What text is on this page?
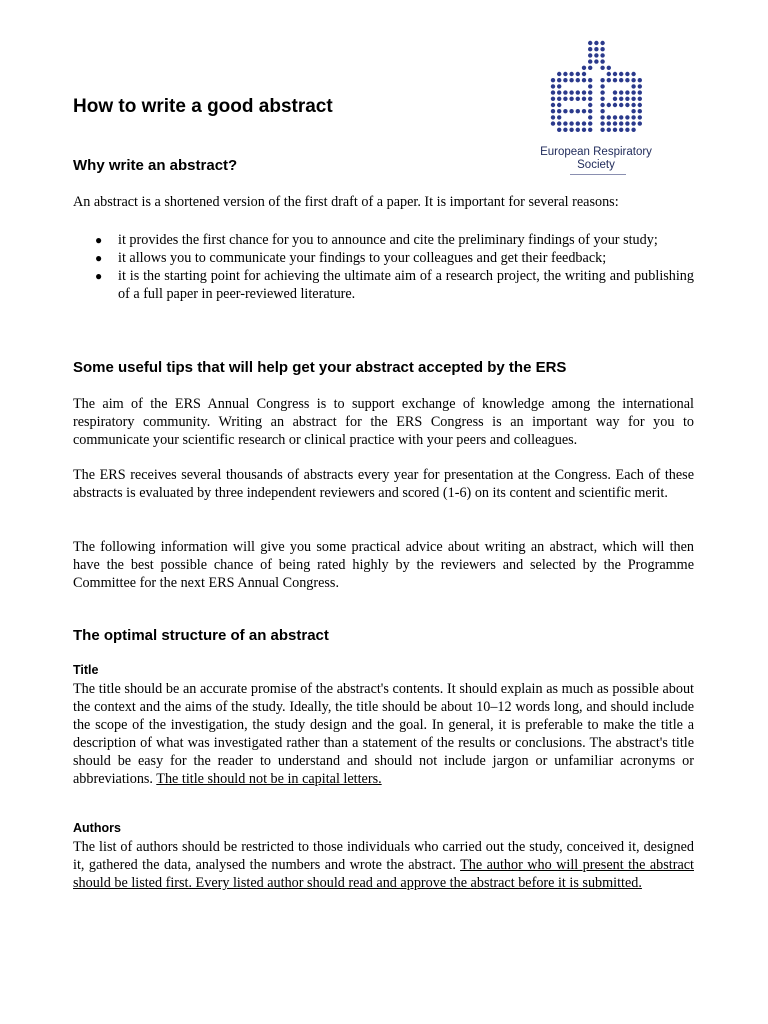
European Respiratory
Society
How to write a good abstract
Why write an abstract?

An abstract is a shortened version of the first draft of a paper. It is important for several reasons:

● it provides the first chance for you to announce and cite the preliminary findings of your study;
● it allows you to communicate your findings to your colleagues and get their feedback;
● it is the starting point for achieving the ultimate aim of a research project, the writing and publishing of a full paper in peer-reviewed literature.
Some useful tips that will help get your abstract accepted by the ERS

The aim of the ERS Annual Congress is to support exchange of knowledge among the international respiratory community. Writing an abstract for the ERS Congress is an important way for you to communicate your scientific research or clinical practice with your peers and colleagues.

The ERS receives several thousands of abstracts every year for presentation at the Congress. Each of these abstracts is evaluated by three independent reviewers and scored (1-6) on its content and scientific merit.

The following information will give you some practical advice about writing an abstract, which will then have the best possible chance of being rated highly by the reviewers and selected by the Programme Committee for the next ERS Annual Congress.

The optimal structure of an abstract
Title

The title should be an accurate promise of the abstract's contents. It should explain as much as possible about the context and the aims of the study. Ideally, the title should be about 10–12 words long, and should include the scope of the investigation, the study design and the goal. In general, it is preferable to make the title a description of what was investigated rather than a statement of the results or conclusions. The abstract's title should be easy for the reader to understand and should not include jargon or unfamiliar acronyms or abbreviations. The title should not be in capital letters.

Authors

The list of authors should be restricted to those individuals who carried out the study, conceived it, designed it, gathered the data, analysed the numbers and wrote the abstract. The author who will present the abstract should be listed first. Every listed author should read and approve the abstract before it is submitted.
